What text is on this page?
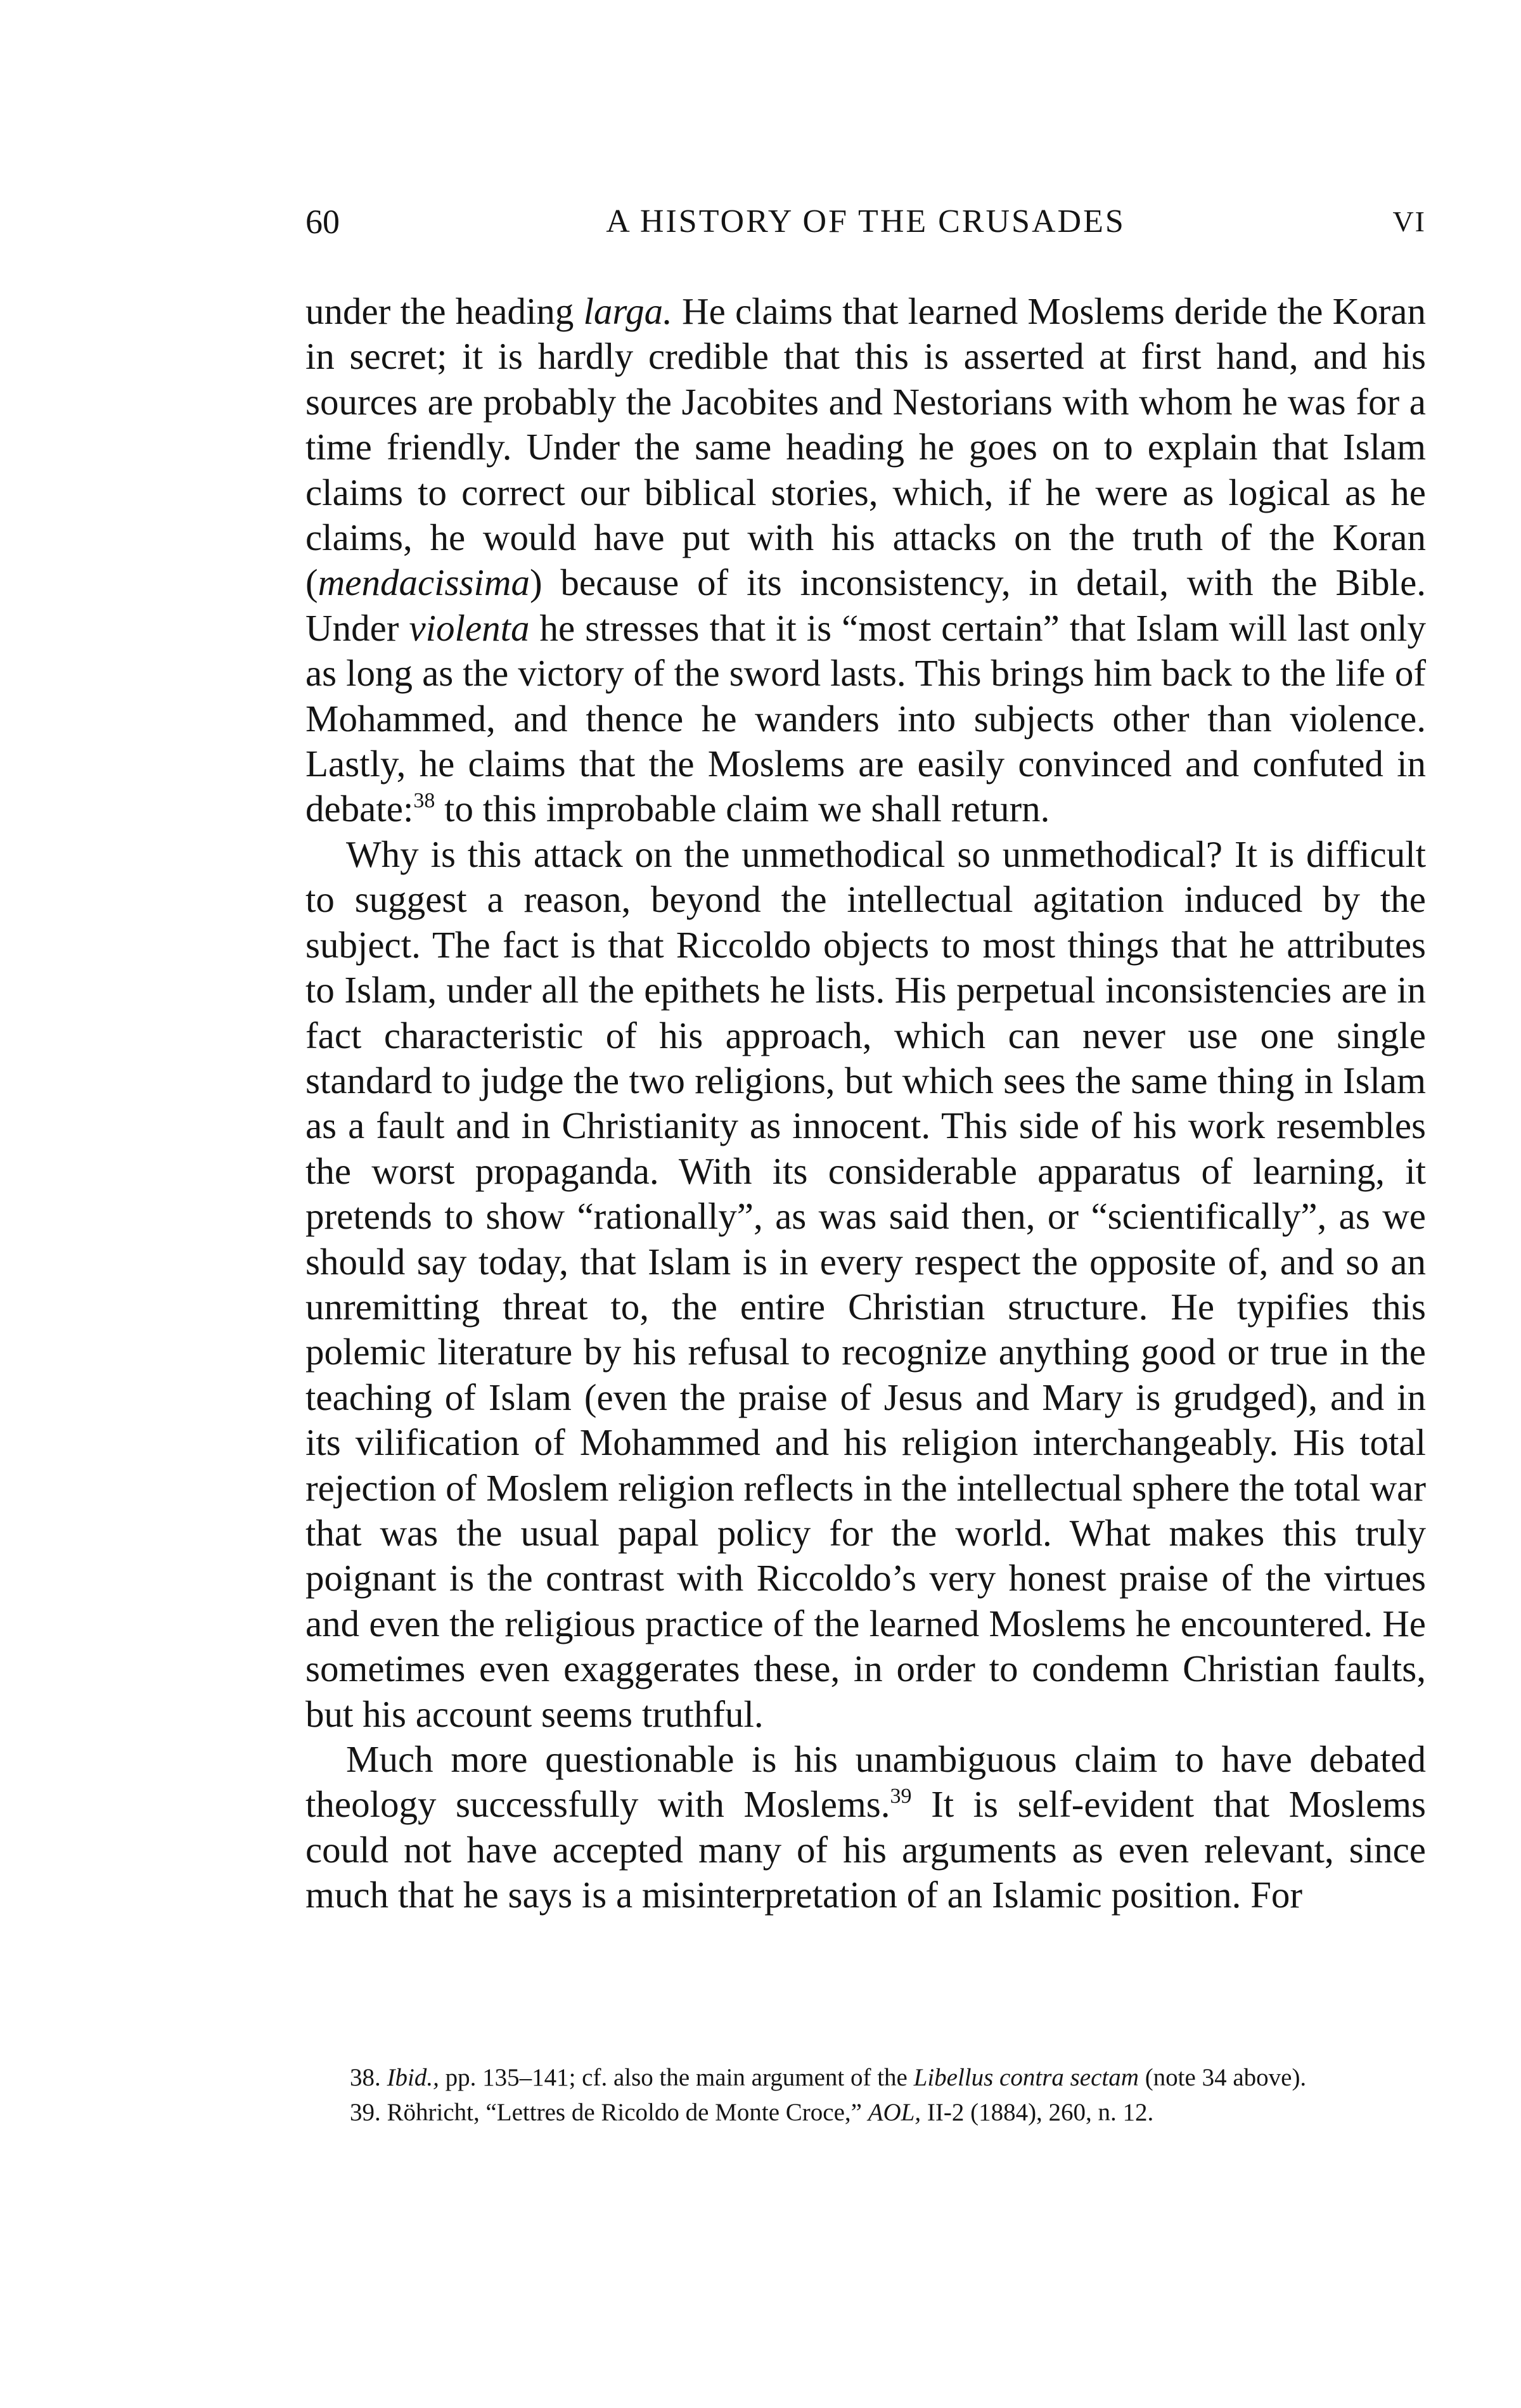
60	A HISTORY OF THE CRUSADES	VI

under the heading larga. He claims that learned Moslems deride the Koran in secret; it is hardly credible that this is asserted at first hand, and his sources are probably the Jacobites and Nestorians with whom he was for a time friendly. Under the same heading he goes on to explain that Islam claims to correct our biblical stories, which, if he were as logical as he claims, he would have put with his attacks on the truth of the Koran (mendacissima) because of its inconsistency, in detail, with the Bible. Under violenta he stresses that it is “most certain” that Islam will last only as long as the victory of the sword lasts. This brings him back to the life of Mohammed, and thence he wanders into subjects other than violence. Lastly, he claims that the Moslems are easily convinced and confuted in debate:$^{38}$ to this improbable claim we shall return.

Why is this attack on the unmethodical so unmethodical? It is difficult to suggest a reason, beyond the intellectual agitation induced by the subject. The fact is that Riccoldo objects to most things that he attributes to Islam, under all the epithets he lists. His perpetual inconsistencies are in fact characteristic of his approach, which can never use one single standard to judge the two religions, but which sees the same thing in Islam as a fault and in Christianity as innocent. This side of his work resembles the worst propaganda. With its considerable apparatus of learning, it pretends to show “rationally”, as was said then, or “scientifically”, as we should say today, that Islam is in every respect the opposite of, and so an unremitting threat to, the entire Christian structure. He typifies this polemic literature by his refusal to recognize anything good or true in the teaching of Islam (even the praise of Jesus and Mary is grudged), and in its vilification of Mohammed and his religion interchangeably. His total rejection of Moslem religion reflects in the intellectual sphere the total war that was the usual papal policy for the world. What makes this truly poignant is the contrast with Riccoldo’s very honest praise of the virtues and even the religious practice of the learned Moslems he encountered. He sometimes even exaggerates these, in order to condemn Christian faults, but his account seems truthful.

Much more questionable is his unambiguous claim to have debated theology successfully with Moslems.$^{39}$ It is self-evident that Moslems could not have accepted many of his arguments as even relevant, since much that he says is a misinterpretation of an Islamic position. For

38. Ibid., pp. 135–141; cf. also the main argument of the Libellus contra sectam (note 34 above).

39. Röhricht, “Lettres de Ricoldo de Monte Croce,” AOL, II-2 (1884), 260, n. 12.
